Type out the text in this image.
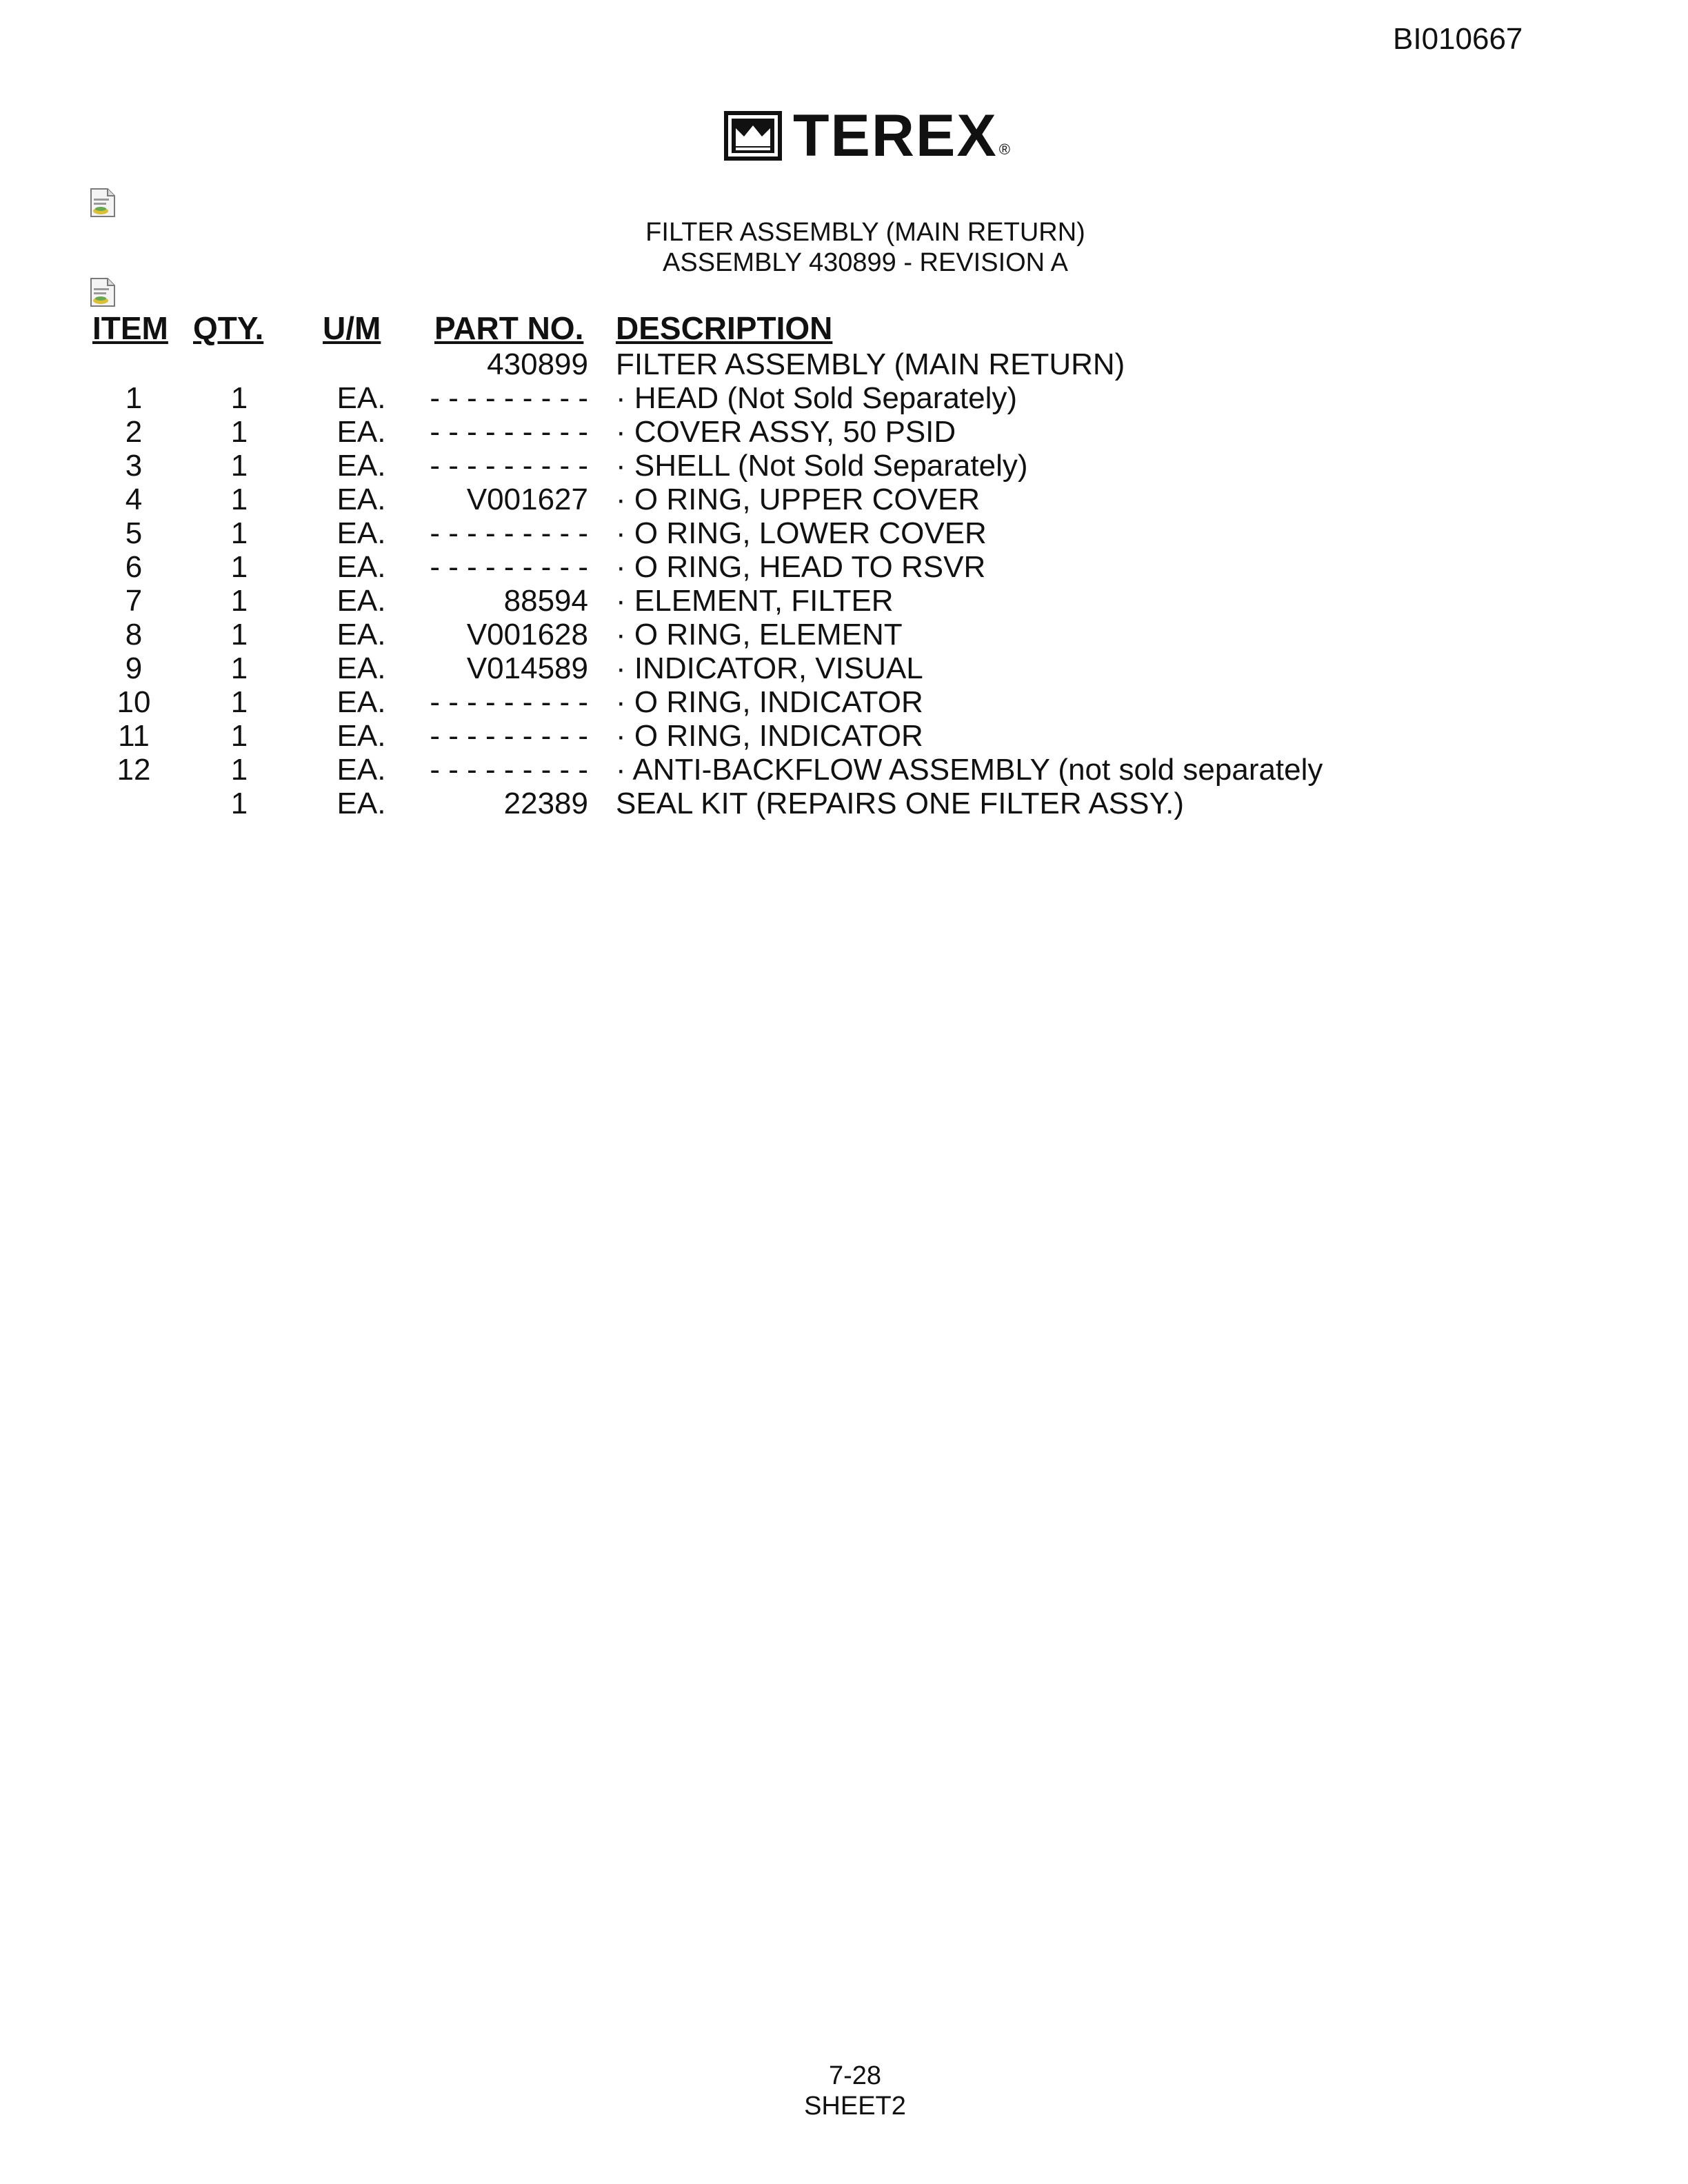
BI010667
TEREX ®
FILTER ASSEMBLY (MAIN RETURN)
ASSEMBLY 430899 - REVISION A
ITEM	QTY.	U/M	PART NO.	DESCRIPTION
			430899	FILTER ASSEMBLY (MAIN RETURN)
1	1	EA.	- - - - - - - - -	· HEAD (Not Sold Separately)
2	1	EA.	- - - - - - - - -	· COVER ASSY, 50 PSID
3	1	EA.	- - - - - - - - -	· SHELL (Not Sold Separately)
4	1	EA.	V001627	· O RING, UPPER COVER
5	1	EA.	- - - - - - - - -	· O RING, LOWER COVER
6	1	EA.	- - - - - - - - -	· O RING, HEAD TO RSVR
7	1	EA.	88594	· ELEMENT, FILTER
8	1	EA.	V001628	· O RING, ELEMENT
9	1	EA.	V014589	· INDICATOR, VISUAL
10	1	EA.	- - - - - - - - -	· O RING, INDICATOR
11	1	EA.	- - - - - - - - -	· O RING, INDICATOR
12	1	EA.	- - - - - - - - -	· ANTI-BACKFLOW ASSEMBLY (not sold separately
	1	EA.	22389	SEAL KIT (REPAIRS ONE FILTER ASSY.)
7-28
SHEET2
